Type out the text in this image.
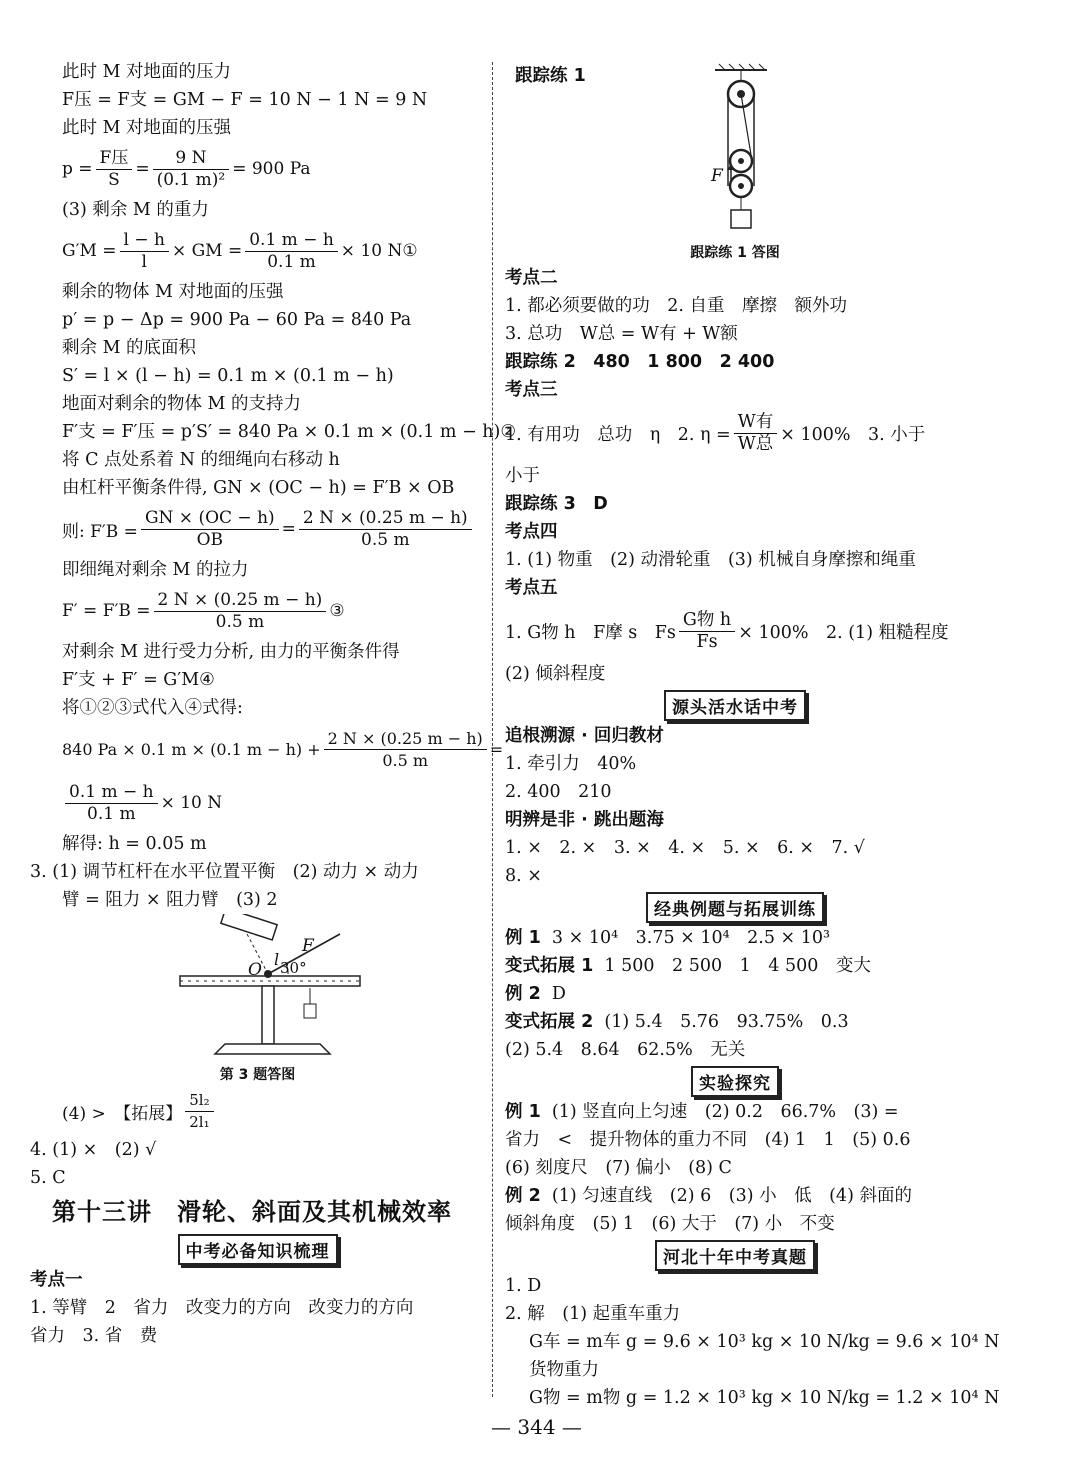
此时 M 对地面的压力
F压 = F支 = GM − F = 10 N − 1 N = 9 N
此时 M 对地面的压强
$p = \frac{\text{F压}}{S} = \frac{9 N}{\text{(0.1 m)²}} = 900$ Pa
(3) 剩余 M 的重力
$G'M = \frac{l - h}{l}$ × GM = $\frac{0.1 m - h}{0.1 m} \times 10$ N①
剩余的物体 M 对地面的压强
p′ = p − Δp = 900 Pa − 60 Pa = 840 Pa
剩余 M 的底面积
S′ = l × (l − h) = 0.1 m × (0.1 m − h)
地面对剩余的物体 M 的支持力
F′支 = F′压 = p′S′ = 840 Pa × 0.1 m × (0.1 m − h)②
将 C 点处系着 N 的细绳向右移动 h
由杠杆平衡条件得, GN × (OC − h) = F′B × OB
则: $F'B = \frac{GN \times (OC - h)}{OB} = \frac{2 N \times (0.25 m - h)}{0.5 m}$
即细绳对剩余 M 的拉力
$F' = F'B = \frac{2 N \times (0.25 m - h)}{0.5 m}$ ③
对剩余 M 进行受力分析, 由力的平衡条件得
F′支 + F′ = G′M④
将①②③式代入④式得:
840 Pa × 0.1 m × (0.1 $m - h) + \frac{2 N \times (0.25 m - h)}{0.5 m}$ =
$\frac{0.1 m - h}{0.1 m} \times 10$ N
解得: h = 0.05 m
3. (1) 调节杠杆在水平位置平衡　(2) 动力 × 动力
臂 = 阻力 × 阻力臂　(3) 2
F
O
l 30°
第 3 题答图
(4) >　【拓展】 $\frac{\text{5l₂}}{\text{2l₁}}$
4. (1) ×　(2) √
5. C
第十三讲　滑轮、斜面及其机械效率
中考必备知识梳理
考点一
1. 等臂　2　省力　改变力的方向　改变力的方向
省力　3. 省　费
跟踪练 1
F
跟踪练 1 答图
考点二
1. 都必须要做的功　2. 自重　摩擦　额外功
3. 总功　W总 = W有 + W额
跟踪练 2　480　1 800　2 400
考点三
1. 有用功　总功　η　2. $\eta = \frac{\text{W有}}{\text{W总}} \times 100\%$　3. 小于
小于
跟踪练 3　D
考点四
1. (1) 物重　(2) 动滑轮重　(3) 机械自身摩擦和绳重
考点五
1. G物 h　F摩 s　Fs $\frac{\text{G物 h}}{Fs} \times 100\%$　2. (1) 粗糙程度
(2) 倾斜程度
源头活水话中考
追根溯源 · 回归教材
1. 牵引力　40%
2. 400　210
明辨是非 · 跳出题海
1. ×　2. ×　3. ×　4. ×　5. ×　6. ×　7. √
8. ×
经典例题与拓展训练
例 1 3 × 10⁴　3.75 × 10⁴　2.5 × 10³
变式拓展 1 1 500　2 500　1　4 500　变大
例 2 D
变式拓展 2 (1) 5.4　5.76　93.75%　0.3
(2) 5.4　8.64　62.5%　无关
实验探究
例 1 (1) 竖直向上匀速　(2) 0.2　66.7%　(3) =
省力　<　提升物体的重力不同　(4) 1　1　(5) 0.6
(6) 刻度尺　(7) 偏小　(8) C
例 2 (1) 匀速直线　(2) 6　(3) 小　低　(4) 斜面的
倾斜角度　(5) 1　(6) 大于　(7) 小　不变
河北十年中考真题
1. D
2. 解　(1) 起重车重力
G车 = m车 g = 9.6 × 10³ kg × 10 N/kg = 9.6 × 10⁴ N
货物重力
G物 = m物 g = 1.2 × 10³ kg × 10 N/kg = 1.2 × 10⁴ N
— 344 —
